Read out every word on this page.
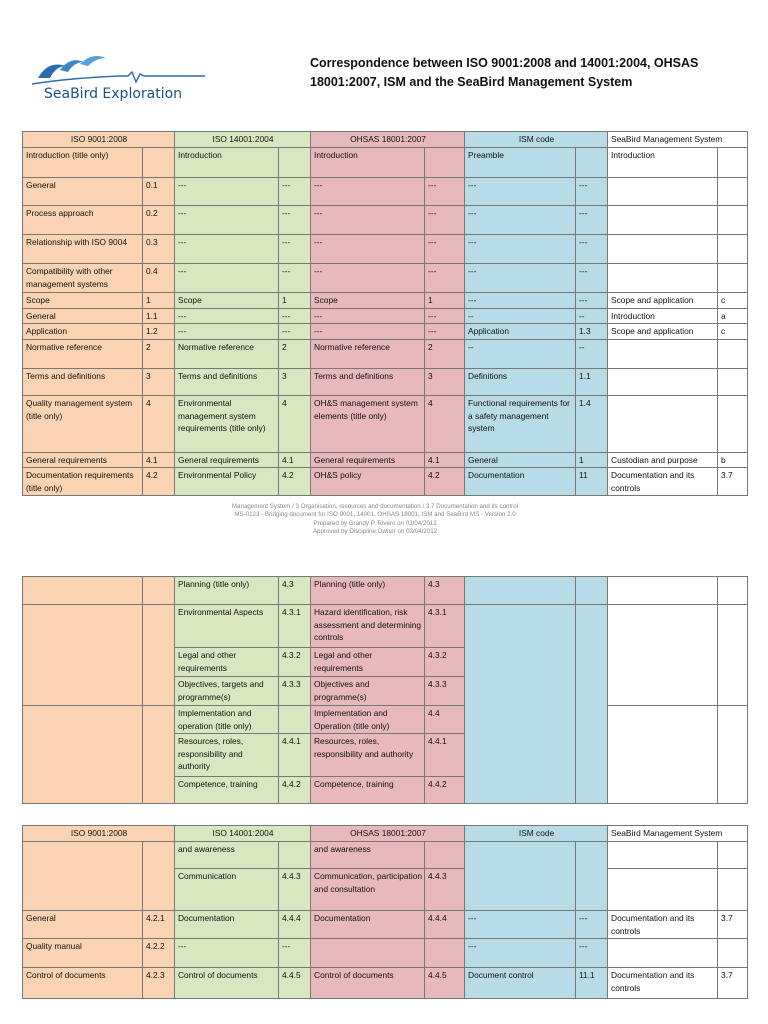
SeaBird Exploration
Correspondence between ISO 9001:2008 and 14001:2004, OHSAS 18001:2007, ISM and the SeaBird Management System
ISO 9001:2008		ISO 14001:2004		OHSAS 18001:2007		ISM code		SeaBird Management System	
Introduction (title only)		Introduction		Introduction		Preamble		Introduction	
General	0.1	---	---	---	---	---	---		
Process approach	0.2	---	---	---	---	---	---		
Relationship with ISO 9004	0.3	---	---	---	---	---	---		
Compatibility with other management systems	0.4	---	---	---	---	---	---		
Scope	1	Scope	1	Scope	1	---	---	Scope and application	c
General	1.1	---	---	---	---	--	--	Introduction	a
Application	1.2	---	---	---	---	Application	1.3	Scope and application	c
Normative reference	2	Normative reference	2	Normative reference	2	--	--		
Terms and definitions	3	Terms and definitions	3	Terms and definitions	3	Definitions	1.1		
Quality management system (title only)	4	Environmental management system requirements (title only)	4	OH&S management system elements (title only)	4	Functional requirements for a safety management system	1.4		
General requirements	4.1	General requirements	4.1	General requirements	4.1	General	1	Custodian and purpose	b
Documentation requirements (title only)	4.2	Environmental Policy	4.2	OH&S policy	4.2	Documentation	11	Documentation and its controls	3.7
Management System / 3 Organisation, resources and documentation / 3.7 Documentation and its control
MS-0123 - Bridging document for ISO 9001, 14001, OHSAS 18001, ISM and SeaBird MS - Version 2.0
Prepared by Grandy P. Rivero on 03/04/2012
Approved by Discipline Owner on 03/04/2012
		Planning (title only)	4.3	Planning (title only)	4.3				
		Environmental Aspects	4.3.1	Hazard identification, risk assessment and determining controls	4.3.1				
		Legal and other requirements	4.3.2	Legal and other requirements	4.3.2				
		Objectives, targets and programme(s)	4.3.3	Objectives and programme(s)	4.3.3				
		Implementation and operation (title only)		Implementation and Operation (title only)	4.4				
		Resources, roles, responsibility and authority	4.4.1	Resources, roles, responsibility and authority	4.4.1				
		Competence, training	4.4.2	Competence, training	4.4.2				
ISO 9001:2008		ISO 14001:2004		OHSAS 18001:2007		ISM code		SeaBird Management System	
		and awareness		and awareness					
		Communication	4.4.3	Communication, participation and consultation	4.4.3				
General	4.2.1	Documentation	4.4.4	Documentation	4.4.4	---	---	Documentation and its controls	3.7
Quality manual	4.2.2	---	---			---	---		
Control of documents	4.2.3	Control of documents	4.4.5	Control of documents	4.4.5	Document control	11.1	Documentation and its controls	3.7
